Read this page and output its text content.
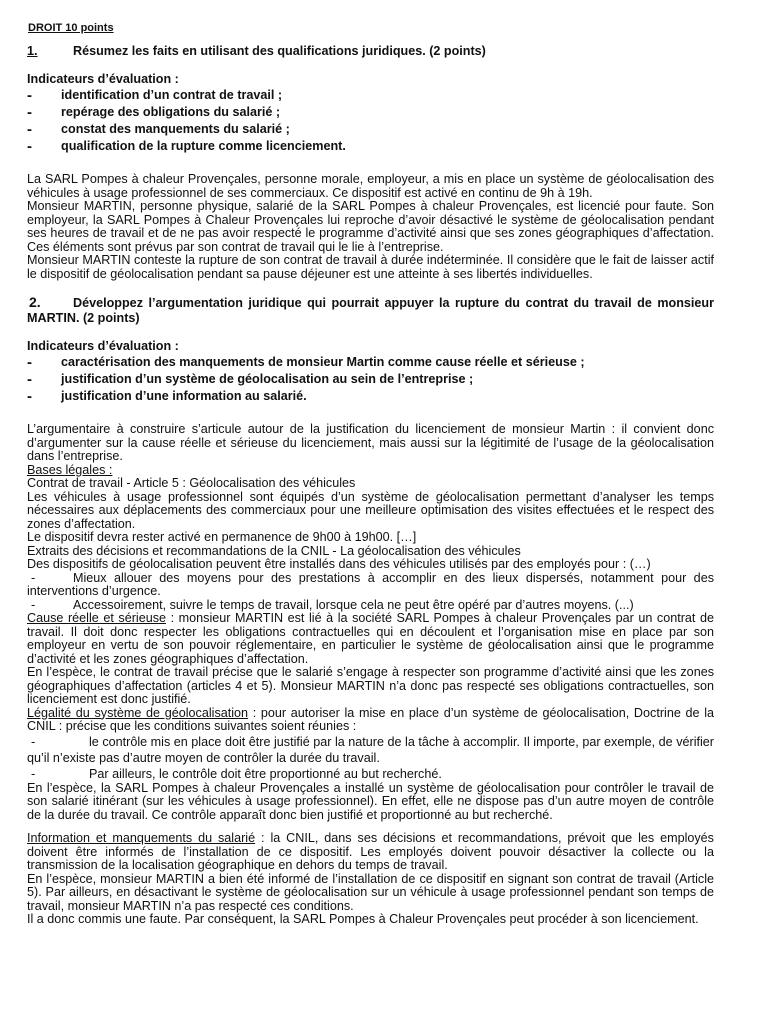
DROIT 10 points
1.	Résumez les faits en utilisant des qualifications juridiques. (2 points)
Indicateurs d’évaluation :
- identification d’un contrat de travail ;
- repérage des obligations du salarié ;
- constat des manquements du salarié ;
- qualification de la rupture comme licenciement.

La SARL Pompes à chaleur Provençales, personne morale, employeur, a mis en place un système de géolocalisation des véhicules à usage professionnel de ses commerciaux. Ce dispositif est activé en continu de 9h à 19h.

Monsieur MARTIN, personne physique, salarié de la SARL Pompes à chaleur Provençales, est licencié pour faute. Son employeur, la SARL Pompes à Chaleur Provençales lui reproche d’avoir désactivé le système de géolocalisation pendant ses heures de travail et de ne pas avoir respecté le programme d’activité ainsi que ses zones géographiques d’affectation. Ces éléments sont prévus par son contrat de travail qui le lie à l’entreprise.

Monsieur MARTIN conteste la rupture de son contrat de travail à durée indéterminée. Il considère que le fait de laisser actif le dispositif de géolocalisation pendant sa pause déjeuner est une atteinte à ses libertés individuelles.

2.	Développez l’argumentation juridique qui pourrait appuyer la rupture du contrat du travail de monsieur MARTIN. (2 points)
Indicateurs d’évaluation :
- caractérisation des manquements de monsieur Martin comme cause réelle et sérieuse ;
- justification d’un système de géolocalisation au sein de l’entreprise ;
- justification d’une information au salarié.

L’argumentaire à construire s’articule autour de la justification du licenciement de monsieur Martin : il convient donc d’argumenter sur la cause réelle et sérieuse du licenciement, mais aussi sur la légitimité de l’usage de la géolocalisation dans l’entreprise.

Bases légales :

Contrat de travail - Article 5 : Géolocalisation des véhicules

Les véhicules à usage professionnel sont équipés d’un système de géolocalisation permettant d’analyser les temps nécessaires aux déplacements des commerciaux pour une meilleure optimisation des visites effectuées et le respect des zones d’affectation.

Le dispositif devra rester activé en permanence de 9h00 à 19h00. […]

Extraits des décisions et recommandations de la CNIL - La géolocalisation des véhicules

Des dispositifs de géolocalisation peuvent être installés dans des véhicules utilisés par des employés pour : (…)

-	Mieux allouer des moyens pour des prestations à accomplir en des lieux dispersés, notamment pour des interventions d’urgence.

-	Accessoirement, suivre le temps de travail, lorsque cela ne peut être opéré par d’autres moyens. (...)

Cause réelle et sérieuse : monsieur MARTIN est lié à la société SARL Pompes à chaleur Provençales par un contrat de travail. Il doit donc respecter les obligations contractuelles qui en découlent et l’organisation mise en place par son employeur en vertu de son pouvoir réglementaire, en particulier le système de géolocalisation ainsi que le programme d’activité et les zones géographiques d’affectation.

En l’espèce, le contrat de travail précise que le salarié s’engage à respecter son programme d’activité ainsi que les zones géographiques d’affectation (articles 4 et 5). Monsieur MARTIN n’a donc pas respecté ses obligations contractuelles, son licenciement est donc justifié.

Légalité du système de géolocalisation : pour autoriser la mise en place d’un système de géolocalisation, Doctrine de la CNIL : précise que les conditions suivantes soient réunies :

-	le contrôle mis en place doit être justifié par la nature de la tâche à accomplir. Il importe, par exemple, de vérifier qu’il n’existe pas d’autre moyen de contrôler la durée du travail.

-	Par ailleurs, le contrôle doit être proportionné au but recherché.

En l’espèce, la SARL Pompes à chaleur Provençales a installé un système de géolocalisation pour contrôler le travail de son salarié itinérant (sur les véhicules à usage professionnel). En effet, elle ne dispose pas d’un autre moyen de contrôle de la durée du travail. Ce contrôle apparaît donc bien justifié et proportionné au but recherché.

Information et manquements du salarié : la CNIL, dans ses décisions et recommandations, prévoit que les employés doivent être informés de l’installation de ce dispositif. Les employés doivent pouvoir désactiver la collecte ou la transmission de la localisation géographique en dehors du temps de travail.

En l’espèce, monsieur MARTIN a bien été informé de l’installation de ce dispositif en signant son contrat de travail (Article 5). Par ailleurs, en désactivant le système de géolocalisation sur un véhicule à usage professionnel pendant son temps de travail, monsieur MARTIN n’a pas respecté ces conditions.

Il a donc commis une faute. Par conséquent, la SARL Pompes à Chaleur Provençales peut procéder à son licenciement.
